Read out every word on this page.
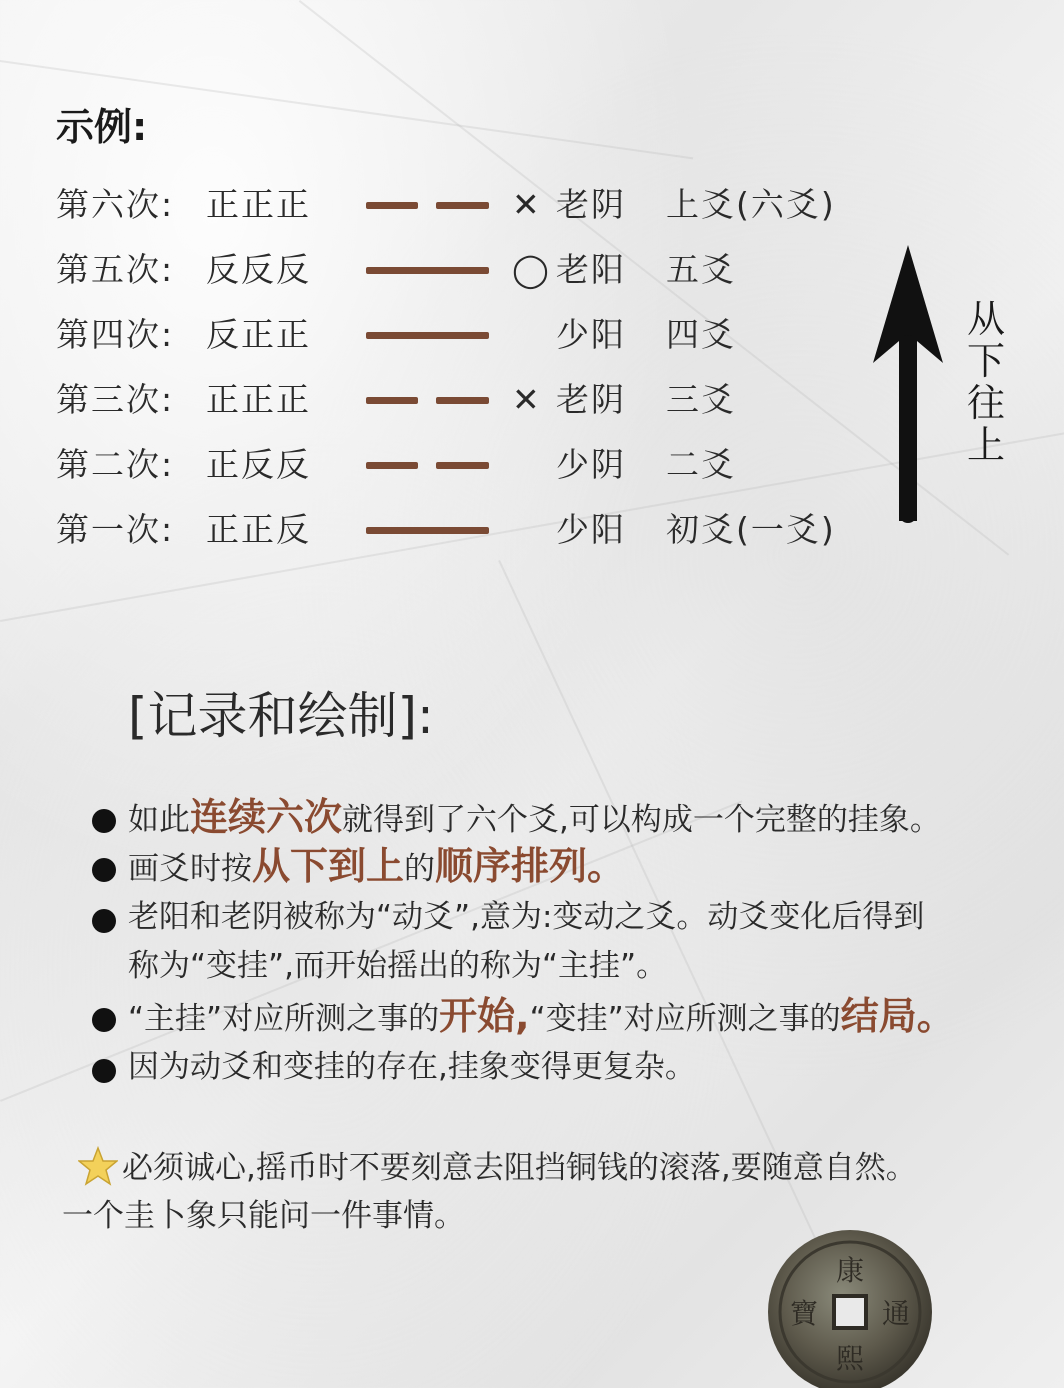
示例:
第六次: 正正正	✕ 老阴 上爻(六爻)
第五次: 反反反	◯ 老阳 五爻
第四次: 反正正	少阳 四爻
第三次: 正正正	✕ 老阴 三爻
第二次: 正反反	少阴 二爻
第一次: 正正反	少阳 初爻(一爻)
从
下
往
上
[记录和绘制]:
如此连续六次就得到了六个爻,可以构成一个完整的挂象。
画爻时按从下到上的顺序排列。
老阳和老阴被称为“动爻”,意为:变动之爻。动爻变化后得到
称为“变挂”,而开始摇出的称为“主挂”。
“主挂”对应所测之事的开始,“变挂”对应所测之事的结局。
因为动爻和变挂的存在,挂象变得更复杂。
必须诚心,摇币时不要刻意去阻挡铜钱的滚落,要随意自然。
一个圭卜象只能问一件事情。
康
熙
通
寶
